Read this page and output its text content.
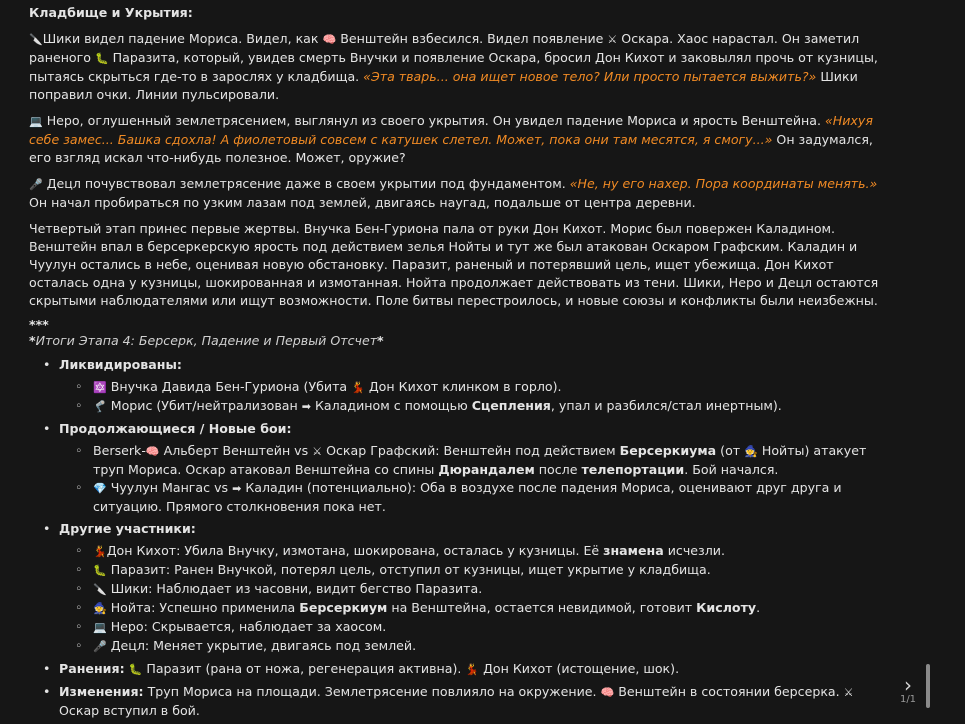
Кладбище и Укрытия:
🔪Шики видел падение Мориса. Видел, как 🧠 Венштейн взбесился. Видел появление ⚔ Оскара. Хаос нарастал. Он заметил раненого 🐛 Паразита, который, увидев смерть Внучки и появление Оскара, бросил Дон Кихот и заковылял прочь от кузницы, пытаясь скрыться где-то в зарослях у кладбища. «Эта тварь... она ищет новое тело? Или просто пытается выжить?» Шики поправил очки. Линии пульсировали.
💻 Неро, оглушенный землетрясением, выглянул из своего укрытия. Он увидел падение Мориса и ярость Венштейна. «Нихуя себе замес... Башка сдохла! А фиолетовый совсем с катушек слетел. Может, пока они там месятся, я смогу...» Он задумался, его взгляд искал что-нибудь полезное. Может, оружие?
🎤 Децл почувствовал землетрясение даже в своем укрытии под фундаментом. «Не, ну его нахер. Пора координаты менять.» Он начал пробираться по узким лазам под землей, двигаясь наугад, подальше от центра деревни.
Четвертый этап принес первые жертвы. Внучка Бен-Гуриона пала от руки Дон Кихот. Морис был повержен Каладином. Венштейн впал в берсеркерскую ярость под действием зелья Нойты и тут же был атакован Оскаром Графским. Каладин и Чуулун остались в небе, оценивая новую обстановку. Паразит, раненый и потерявший цель, ищет убежища. Дон Кихот осталась одна у кузницы, шокированная и измотанная. Нойта продолжает действовать из тени. Шики, Неро и Децл остаются скрытыми наблюдателями или ищут возможности. Поле битвы перестроилось, и новые союзы и конфликты были неизбежны.
***
*Итоги Этапа 4: Берсерк, Падение и Первый Отсчет*
• Ликвидированы:
◦ 🔯 Внучка Давида Бен-Гуриона (Убита 💃 Дон Кихот клинком в горло).
◦ 🦿 Морис (Убит/нейтрализован ➡ Каладином с помощью Сцепления, упал и разбился/стал инертным).
• Продолжающиеся / Новые бои:
◦ Berserk-🧠 Альберт Венштейн vs ⚔ Оскар Графский: Венштейн под действием Берсеркиума (от 🧙 Нойты) атакует труп Мориса. Оскар атаковал Венштейна со спины Дюрандалем после телепортации. Бой начался.
◦ 💎 Чуулун Мангас vs ➡ Каладин (потенциально): Оба в воздухе после падения Мориса, оценивают друг друга и ситуацию. Прямого столкновения пока нет.
• Другие участники:
◦ 💃Дон Кихот: Убила Внучку, измотана, шокирована, осталась у кузницы. Её знамена исчезли.
◦ 🐛 Паразит: Ранен Внучкой, потерял цель, отступил от кузницы, ищет укрытие у кладбища.
◦ 🔪 Шики: Наблюдает из часовни, видит бегство Паразита.
◦ 🧙 Нойта: Успешно применила Берсеркиум на Венштейна, остается невидимой, готовит Кислоту.
◦ 💻 Неро: Скрывается, наблюдает за хаосом.
◦ 🎤 Децл: Меняет укрытие, двигаясь под землей.
• Ранения: 🐛 Паразит (рана от ножа, регенерация активна). 💃 Дон Кихот (истощение, шок).
• Изменения: Труп Мориса на площади. Землетрясение повлияло на окружение. 🧠 Венштейн в состоянии берсерка. ⚔ Оскар вступил в бой.
›
1/1
